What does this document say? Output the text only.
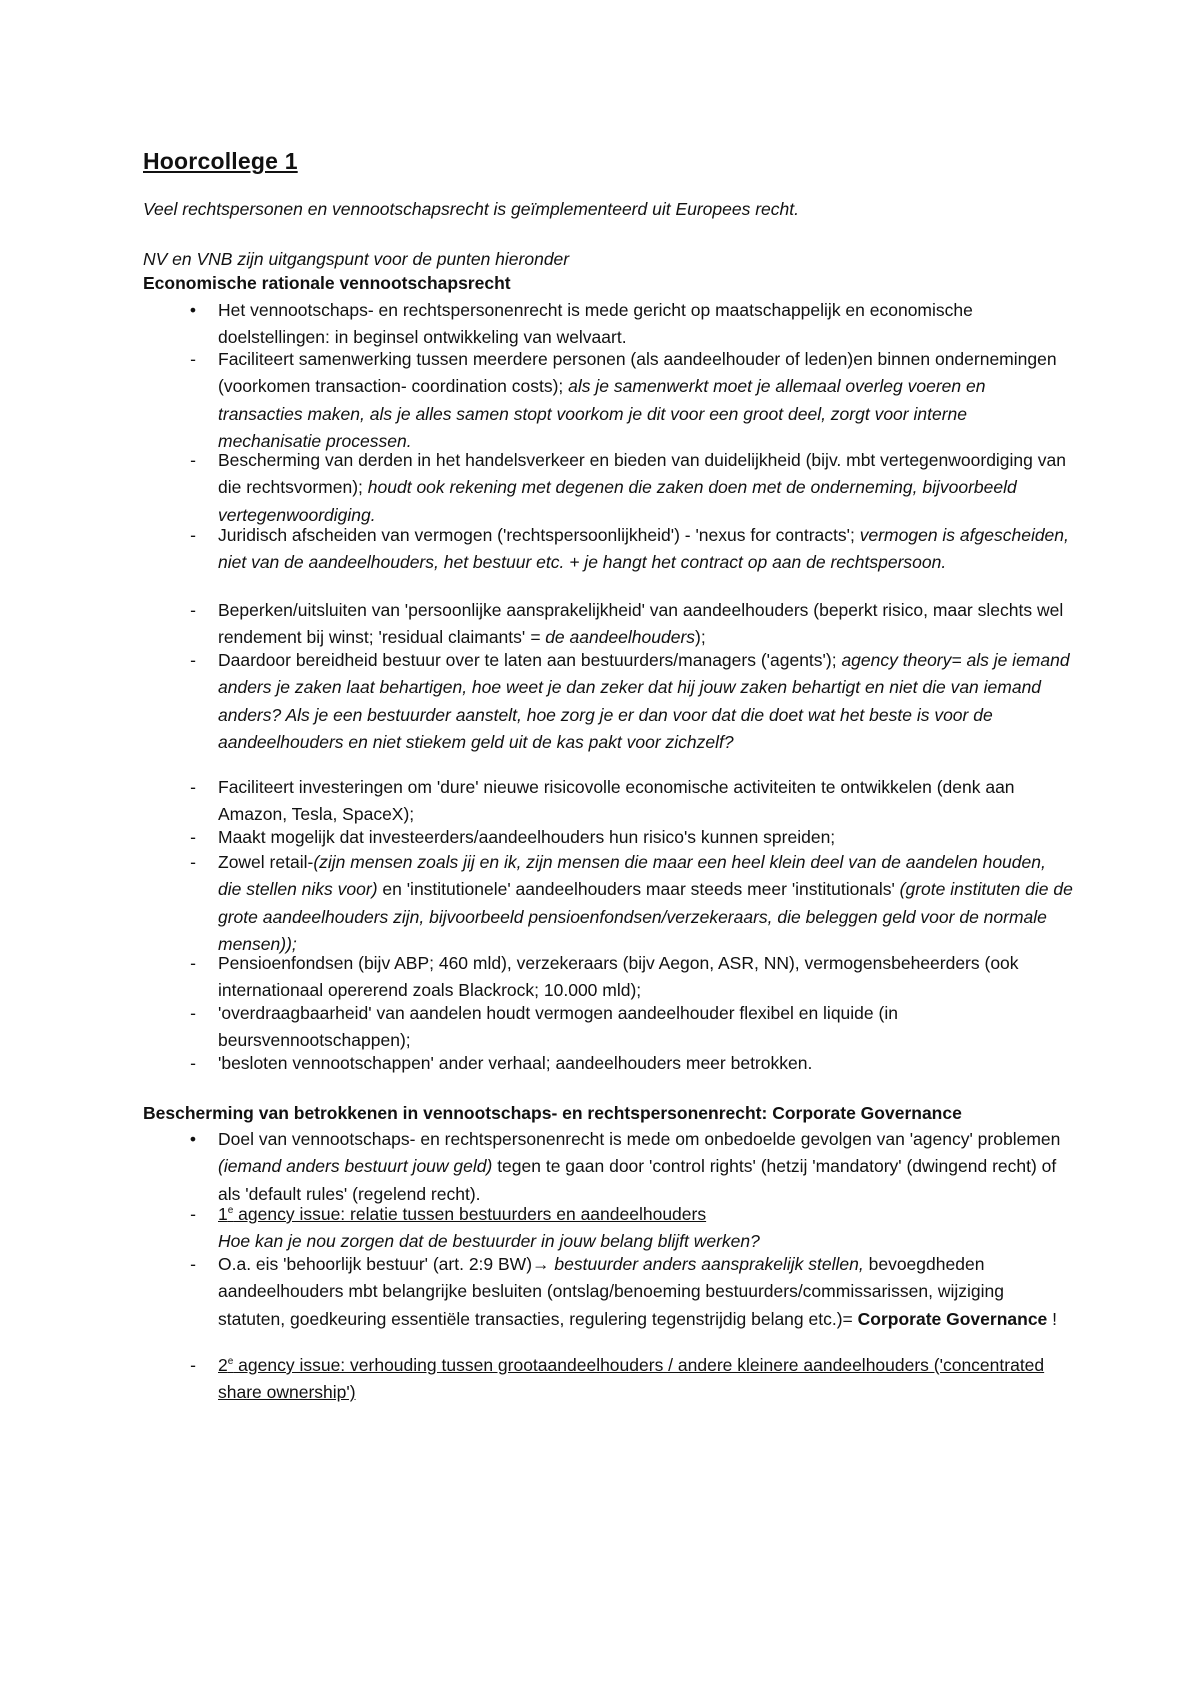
Hoorcollege 1
Veel rechtspersonen en vennootschapsrecht is geïmplementeerd uit Europees recht.
NV en VNB zijn uitgangspunt voor de punten hieronder
Economische rationale vennootschapsrecht
•	Het vennootschaps- en rechtspersonenrecht is mede gericht op maatschappelijk en economische doelstellingen: in beginsel ontwikkeling van welvaart.
-	Faciliteert samenwerking tussen meerdere personen (als aandeelhouder of leden)en binnen ondernemingen (voorkomen transaction- coordination costs); als je samenwerkt moet je allemaal overleg voeren en transacties maken, als je alles samen stopt voorkom je dit voor een groot deel, zorgt voor interne mechanisatie processen.
-	Bescherming van derden in het handelsverkeer en bieden van duidelijkheid (bijv. mbt vertegenwoordiging van die rechtsvormen); houdt ook rekening met degenen die zaken doen met de onderneming, bijvoorbeeld vertegenwoordiging.
-	Juridisch afscheiden van vermogen ('rechtspersoonlijkheid') - 'nexus for contracts'; vermogen is afgescheiden, niet van de aandeelhouders, het bestuur etc. + je hangt het contract op aan de rechtspersoon.
-	Beperken/uitsluiten van 'persoonlijke aansprakelijkheid' van aandeelhouders (beperkt risico, maar slechts wel rendement bij winst; 'residual claimants' = de aandeelhouders);
-	Daardoor bereidheid bestuur over te laten aan bestuurders/managers ('agents'); agency theory= als je iemand anders je zaken laat behartigen, hoe weet je dan zeker dat hij jouw zaken behartigt en niet die van iemand anders? Als je een bestuurder aanstelt, hoe zorg je er dan voor dat die doet wat het beste is voor de aandeelhouders en niet stiekem geld uit de kas pakt voor zichzelf?
-	Faciliteert investeringen om 'dure' nieuwe risicovolle economische activiteiten te ontwikkelen (denk aan Amazon, Tesla, SpaceX);
-	Maakt mogelijk dat investeerders/aandeelhouders hun risico's kunnen spreiden;
-	Zowel retail-(zijn mensen zoals jij en ik, zijn mensen die maar een heel klein deel van de aandelen houden, die stellen niks voor) en 'institutionele' aandeelhouders maar steeds meer 'institutionals' (grote instituten die de grote aandeelhouders zijn, bijvoorbeeld pensioenfondsen/verzekeraars, die beleggen geld voor de normale mensen));
-	Pensioenfondsen (bijv ABP; 460 mld), verzekeraars (bijv Aegon, ASR, NN), vermogensbeheerders (ook internationaal opererend zoals Blackrock; 10.000 mld);
-	'overdraagbaarheid' van aandelen houdt vermogen aandeelhouder flexibel en liquide (in beursvennootschappen);
-	'besloten vennootschappen' ander verhaal; aandeelhouders meer betrokken.
Bescherming van betrokkenen in vennootschaps- en rechtspersonenrecht: Corporate Governance
•	Doel van vennootschaps- en rechtspersonenrecht is mede om onbedoelde gevolgen van 'agency' problemen (iemand anders bestuurt jouw geld) tegen te gaan door 'control rights' (hetzij 'mandatory' (dwingend recht) of als 'default rules' (regelend recht).
-	1e agency issue: relatie tussen bestuurders en aandeelhouders
Hoe kan je nou zorgen dat de bestuurder in jouw belang blijft werken?
-	O.a. eis 'behoorlijk bestuur' (art. 2:9 BW)→ bestuurder anders aansprakelijk stellen, bevoegdheden aandeelhouders mbt belangrijke besluiten (ontslag/benoeming bestuurders/commissarissen, wijziging statuten, goedkeuring essentiële transacties, regulering tegenstrijdig belang etc.)= Corporate Governance !
-	2e agency issue: verhouding tussen grootaandeelhouders / andere kleinere aandeelhouders ('concentrated share ownership')
